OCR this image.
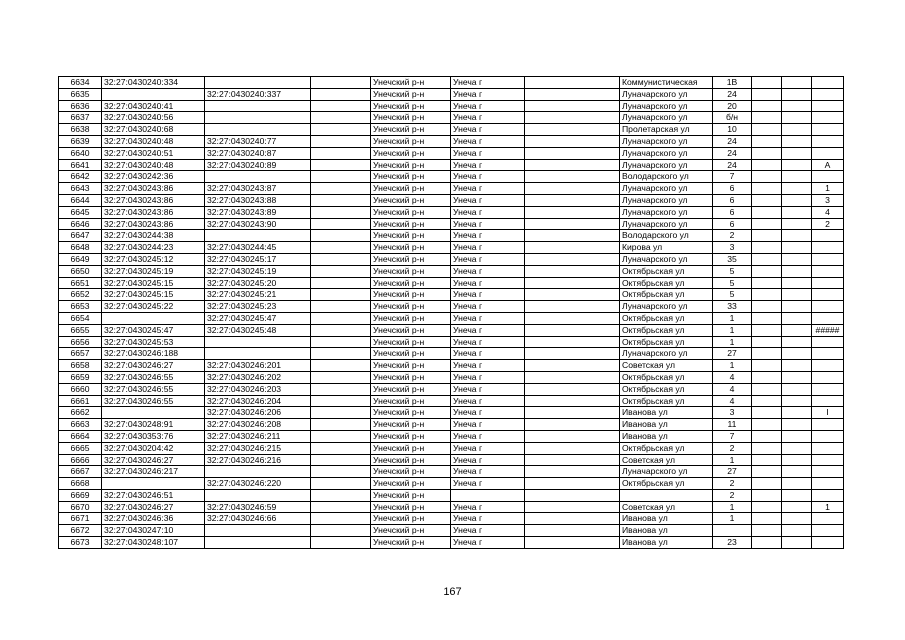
6634	32:27:0430240:334			Унечский р-н	Унеча г		Коммунистическая	1В			
6635		32:27:0430240:337		Унечский р-н	Унеча г		Луначарского ул	24			
6636	32:27:0430240:41			Унечский р-н	Унеча г		Луначарского ул	20			
6637	32:27:0430240:56			Унечский р-н	Унеча г		Луначарского ул	б/н			
6638	32:27:0430240:68			Унечский р-н	Унеча г		Пролетарская ул	10			
6639	32:27:0430240:48	32:27:0430240:77		Унечский р-н	Унеча г		Луначарского ул	24			
6640	32:27:0430240:51	32:27:0430240:87		Унечский р-н	Унеча г		Луначарского ул	24			
6641	32:27:0430240:48	32:27:0430240:89		Унечский р-н	Унеча г		Луначарского ул	24			А
6642	32:27:0430242:36			Унечский р-н	Унеча г		Володарского ул	7			
6643	32:27:0430243:86	32:27:0430243:87		Унечский р-н	Унеча г		Луначарского ул	6			1
6644	32:27:0430243:86	32:27:0430243:88		Унечский р-н	Унеча г		Луначарского ул	6			3
6645	32:27:0430243:86	32:27:0430243:89		Унечский р-н	Унеча г		Луначарского ул	6			4
6646	32:27:0430243:86	32:27:0430243:90		Унечский р-н	Унеча г		Луначарского ул	6			2
6647	32:27:0430244:38			Унечский р-н	Унеча г		Володарского ул	2			
6648	32:27:0430244:23	32:27:0430244:45		Унечский р-н	Унеча г		Кирова ул	3			
6649	32:27:0430245:12	32:27:0430245:17		Унечский р-н	Унеча г		Луначарского ул	35			
6650	32:27:0430245:19	32:27:0430245:19		Унечский р-н	Унеча г		Октябрьская ул	5			
6651	32:27:0430245:15	32:27:0430245:20		Унечский р-н	Унеча г		Октябрьская ул	5			
6652	32:27:0430245:15	32:27:0430245:21		Унечский р-н	Унеча г		Октябрьская ул	5			
6653	32:27:0430245:22	32:27:0430245:23		Унечский р-н	Унеча г		Луначарского ул	33			
6654		32:27:0430245:47		Унечский р-н	Унеча г		Октябрьская ул	1			
6655	32:27:0430245:47	32:27:0430245:48		Унечский р-н	Унеча г		Октябрьская ул	1			#####
6656	32:27:0430245:53			Унечский р-н	Унеча г		Октябрьская ул	1			
6657	32:27:0430246:188			Унечский р-н	Унеча г		Луначарского ул	27			
6658	32:27:0430246:27	32:27:0430246:201		Унечский р-н	Унеча г		Советская ул	1			
6659	32:27:0430246:55	32:27:0430246:202		Унечский р-н	Унеча г		Октябрьская ул	4			
6660	32:27:0430246:55	32:27:0430246:203		Унечский р-н	Унеча г		Октябрьская ул	4			
6661	32:27:0430246:55	32:27:0430246:204		Унечский р-н	Унеча г		Октябрьская ул	4			
6662		32:27:0430246:206		Унечский р-н	Унеча г		Иванова ул	3			I
6663	32:27:0430248:91	32:27:0430246:208		Унечский р-н	Унеча г		Иванова ул	11			
6664	32:27:0430353:76	32:27:0430246:211		Унечский р-н	Унеча г		Иванова ул	7			
6665	32:27:0430204:42	32:27:0430246:215		Унечский р-н	Унеча г		Октябрьская ул	2			
6666	32:27:0430246:27	32:27:0430246:216		Унечский р-н	Унеча г		Советская ул	1			
6667	32:27:0430246:217			Унечский р-н	Унеча г		Луначарского ул	27			
6668		32:27:0430246:220		Унечский р-н	Унеча г		Октябрьская ул	2			
6669	32:27:0430246:51			Унечский р-н				2			
6670	32:27:0430246:27	32:27:0430246:59		Унечский р-н	Унеча г		Советская ул	1			1
6671	32:27:0430246:36	32:27:0430246:66		Унечский р-н	Унеча г		Иванова ул	1			
6672	32:27:0430247:10			Унечский р-н	Унеча г		Иванова ул				
6673	32:27:0430248:107			Унечский р-н	Унеча г		Иванова ул	23			
167
